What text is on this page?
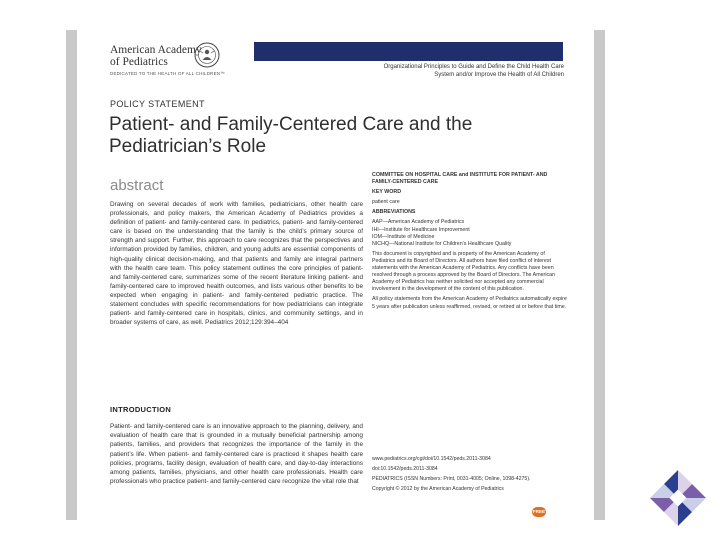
American Academy
of Pediatrics
DEDICATED TO THE HEALTH OF ALL CHILDREN™
Organizational Principles to Guide and Define the Child Health Care System and/or Improve the Health of All Children
POLICY STATEMENT
Patient- and Family-Centered Care and the Pediatrician’s Role
abstract

Drawing on several decades of work with families, pediatricians, other health care professionals, and policy makers, the American Academy of Pediatrics provides a definition of patient- and family-centered care. In pediatrics, patient- and family-centered care is based on the understanding that the family is the child’s primary source of strength and support. Further, this approach to care recognizes that the perspectives and information provided by families, children, and young adults are essential components of high-quality clinical decision-making, and that patients and family are integral partners with the health care team. This policy statement outlines the core principles of patient- and family-centered care, summarizes some of the recent literature linking patient- and family-centered care to improved health outcomes, and lists various other benefits to be expected when engaging in patient- and family-centered pediatric practice. The statement concludes with specific recommendations for how pediatricians can integrate patient- and family-centered care in hospitals, clinics, and community settings, and in broader systems of care, as well. Pediatrics 2012;129:394–404

INTRODUCTION

Patient- and family-centered care is an innovative approach to the planning, delivery, and evaluation of health care that is grounded in a mutually beneficial partnership among patients, families, and providers that recognizes the importance of the family in the patient’s life. When patient- and family-centered care is practiced it shapes health care policies, programs, facility design, evaluation of health care, and day-to-day interactions among patients, families, physicians, and other health care professionals. Health care professionals who practice patient- and family-centered care recognize the vital role that

COMMITTEE ON HOSPITAL CARE and INSTITUTE FOR PATIENT- AND FAMILY-CENTERED CARE

KEY WORD

patient care

ABBREVIATIONS

AAP—American Academy of Pediatrics
IHI—Institute for Healthcare Improvement
IOM—Institute of Medicine
NICHQ—National Institute for Children’s Healthcare Quality

This document is copyrighted and is property of the American Academy of Pediatrics and its Board of Directors. All authors have filed conflict of interest statements with the American Academy of Pediatrics. Any conflicts have been resolved through a process approved by the Board of Directors. The American Academy of Pediatrics has neither solicited nor accepted any commercial involvement in the development of the content of this publication.

All policy statements from the American Academy of Pediatrics automatically expire 5 years after publication unless reaffirmed, revised, or retired at or before that time.

www.pediatrics.org/cgi/doi/10.1542/peds.2011-3084
doi:10.1542/peds.2011-3084
PEDIATRICS (ISSN Numbers: Print, 0031-4005; Online, 1098-4275).
Copyright © 2012 by the American Academy of Pediatrics
FREE
